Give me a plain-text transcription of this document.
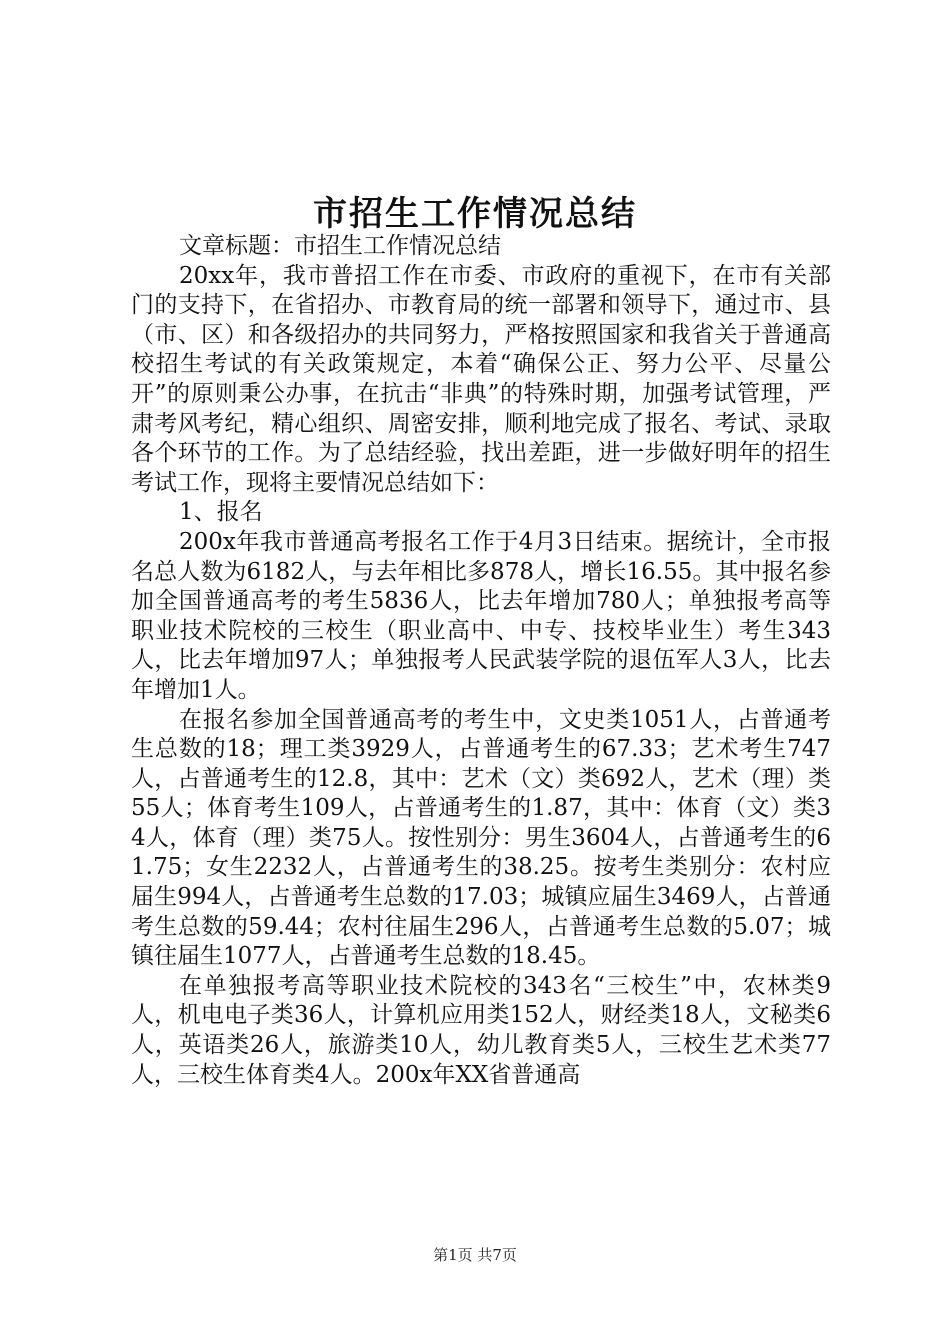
市招生工作情况总结

文章标题：市招生工作情况总结

20xx年，我市普招工作在市委、市政府的重视下，在市有关部门的支持下，在省招办、市教育局的统一部署和领导下，通过市、县（市、区）和各级招办的共同努力，严格按照国家和我省关于普通高校招生考试的有关政策规定，本着“确保公正、努力公平、尽量公开”的原则秉公办事，在抗击“非典”的特殊时期，加强考试管理，严肃考风考纪，精心组织、周密安排，顺利地完成了报名、考试、录取各个环节的工作。为了总结经验，找出差距，进一步做好明年的招生考试工作，现将主要情况总结如下：

1、报名

200x年我市普通高考报名工作于4月3日结束。据统计，全市报名总人数为6182人，与去年相比多878人，增长16.55。其中报名参加全国普通高考的考生5836人，比去年增加780人；单独报考高等职业技术院校的三校生（职业高中、中专、技校毕业生）考生343人，比去年增加97人；单独报考人民武装学院的退伍军人3人，比去年增加1人。

在报名参加全国普通高考的考生中，文史类1051人，占普通考生总数的18；理工类3929人，占普通考生的67.33；艺术考生747人，占普通考生的12.8，其中：艺术（文）类692人，艺术（理）类55人；体育考生109人，占普通考生的1.87，其中：体育（文）类34人，体育（理）类75人。按性别分：男生3604人，占普通考生的61.75；女生2232人，占普通考生的38.25。按考生类别分：农村应届生994人，占普通考生总数的17.03；城镇应届生3469人，占普通考生总数的59.44；农村往届生296人，占普通考生总数的5.07；城镇往届生1077人，占普通考生总数的18.45。

在单独报考高等职业技术院校的343名“三校生”中，农林类9人，机电电子类36人，计算机应用类152人，财经类18人，文秘类6人，英语类26人，旅游类10人，幼儿教育类5人，三校生艺术类77人，三校生体育类4人。200x年XX省普通高

第1页 共7页
